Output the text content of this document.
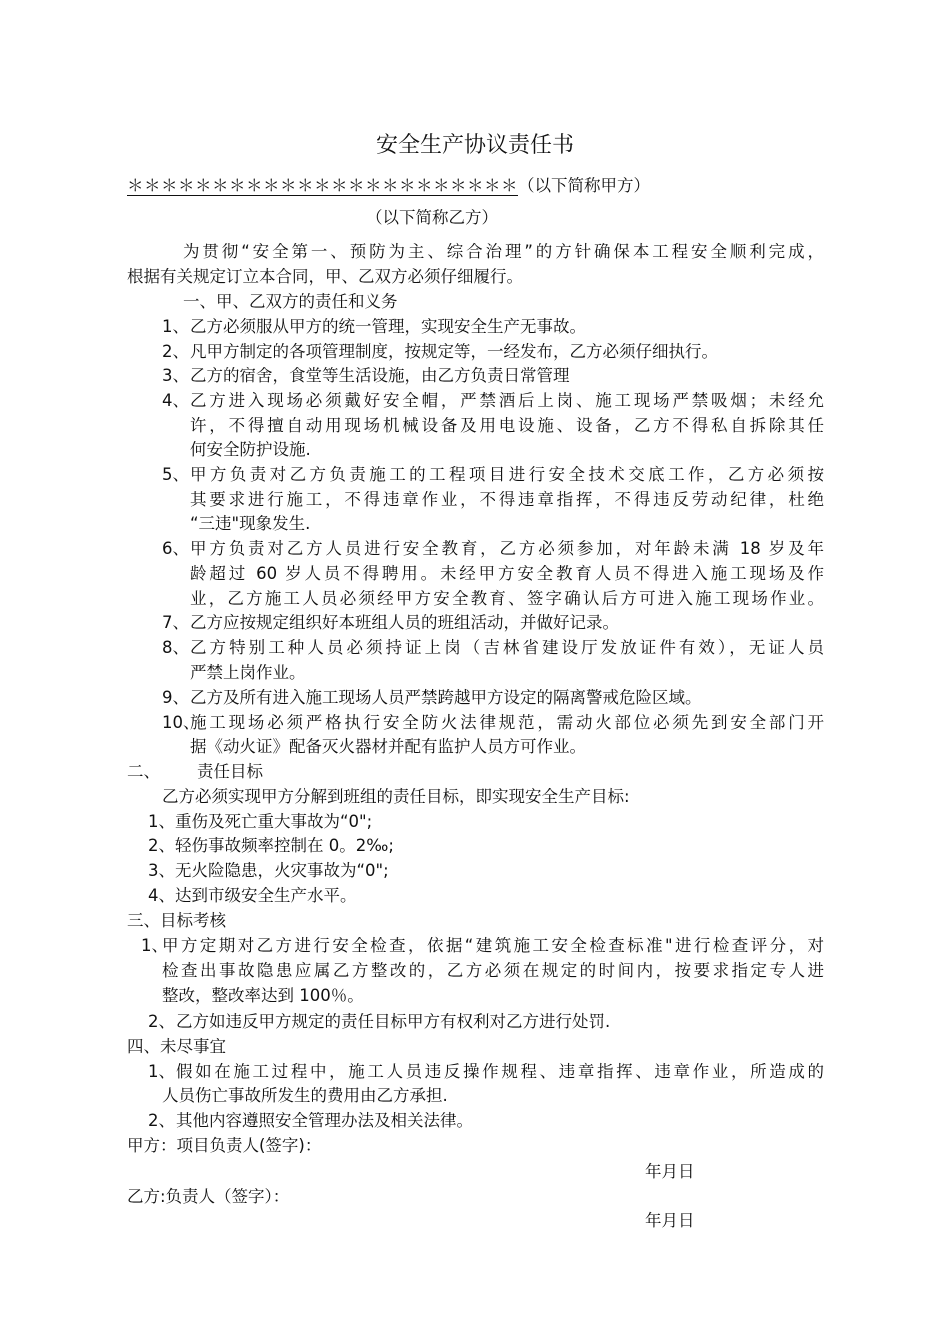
安全生产协议责任书
＊＊＊＊＊＊＊＊＊＊＊＊＊＊＊＊＊＊＊＊＊＊＊（以下简称甲方）
（以下简称乙方）
为贯彻“安全第一、预防为主、综合治理”的方针确保本工程安全顺利完成，
根据有关规定订立本合同，甲、乙双方必须仔细履行。
一、甲、乙双方的责任和义务
1、 乙方必须服从甲方的统一管理，实现安全生产无事故。
2、 凡甲方制定的各项管理制度，按规定等，一经发布，乙方必须仔细执行。
3、 乙方的宿舍，食堂等生活设施，由乙方负责日常管理
4、 乙方进入现场必须戴好安全帽，严禁酒后上岗、施工现场严禁吸烟；未经允
许，不得擅自动用现场机械设备及用电设施、设备，乙方不得私自拆除其任
何安全防护设施.
5、 甲方负责对乙方负责施工的工程项目进行安全技术交底工作，乙方必须按
其要求进行施工，不得违章作业，不得违章指挥，不得违反劳动纪律，杜绝
“三违"现象发生.
6、 甲方负责对乙方人员进行安全教育，乙方必须参加，对年龄未满 18 岁及年
龄超过 60 岁人员不得聘用。未经甲方安全教育人员不得进入施工现场及作
业，乙方施工人员必须经甲方安全教育、签字确认后方可进入施工现场作业。
7、 乙方应按规定组织好本班组人员的班组活动，并做好记录。
8、 乙方特别工种人员必须持证上岗（吉林省建设厅发放证件有效），无证人员
严禁上岗作业。
9、 乙方及所有进入施工现场人员严禁跨越甲方设定的隔离警戒危险区域。
10、
施工现场必须严格执行安全防火法律规范，需动火部位必须先到安全部门开
据《动火证》配备灭火器材并配有监护人员方可作业。
二、 责任目标
乙方必须实现甲方分解到班组的责任目标，即实现安全生产目标:
1、重伤及死亡重大事故为“0";
2、轻伤事故频率控制在 0。2‰;
3、无火险隐患，火灾事故为“0";
4、达到市级安全生产水平。
三、目标考核
1、
甲方定期对乙方进行安全检查，依据“建筑施工安全检查标准"进行检查评分，对
检查出事故隐患应属乙方整改的，乙方必须在规定的时间内，按要求指定专人进
整改，整改率达到 100％。
2、 乙方如违反甲方规定的责任目标甲方有权利对乙方进行处罚.
四、未尽事宜
1、 假如在施工过程中，施工人员违反操作规程、违章指挥、违章作业，所造成的
人员伤亡事故所发生的费用由乙方承担.
2、 其他内容遵照安全管理办法及相关法律。
甲方：项目负责人(签字)：
年月日
乙方:负责人（签字）：
年月日
